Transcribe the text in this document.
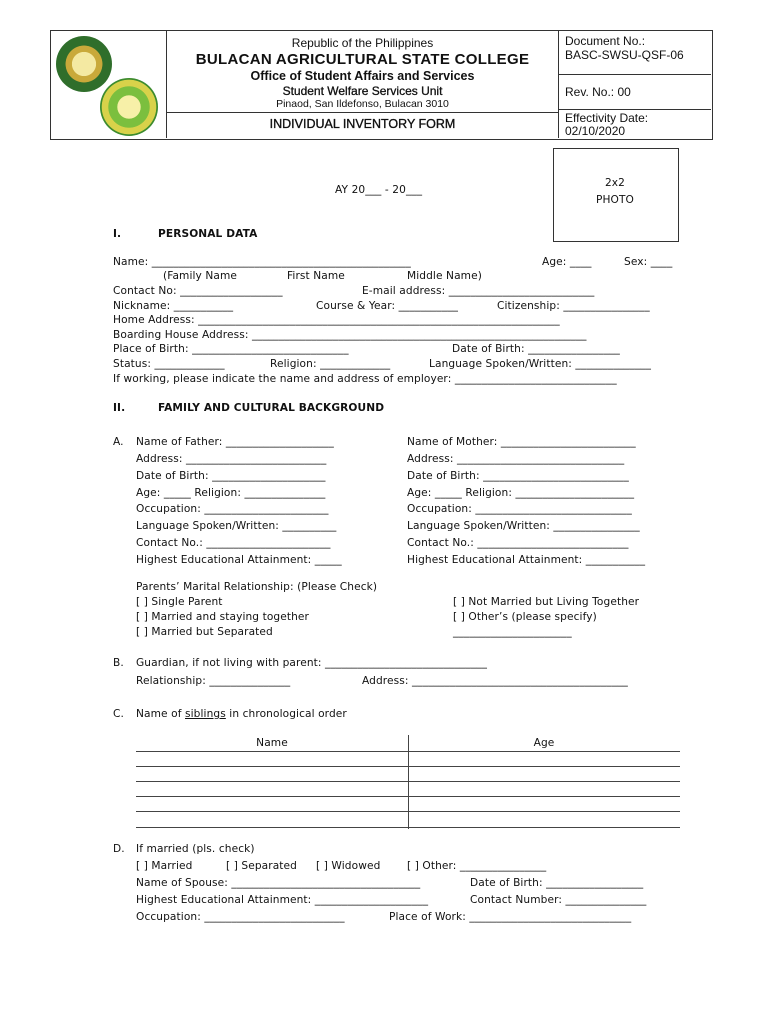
Republic of the Philippines
BULACAN AGRICULTURAL STATE COLLEGE
Office of Student Affairs and Services
Student Welfare Services Unit
Pinaod, San Ildefonso, Bulacan 3010
INDIVIDUAL INVENTORY FORM
Document No.:
BASC-SWSU-QSF-06
Rev. No.: 00
Effectivity Date:
02/10/2020
2x2
PHOTO
AY 20___ - 20___
I.	PERSONAL DATA
Name: ________________________________________________	Age: ____	Sex: ____
(Family Name	First Name	Middle Name)
Contact No: ___________________	E-mail address: ___________________________
Nickname: ___________	Course & Year: ___________	Citizenship: ________________
Home Address: ___________________________________________________________________
Boarding House Address: ______________________________________________________________
Place of Birth: _____________________________	Date of Birth: _________________
Status: _____________	Religion: _____________	Language Spoken/Written: ______________
If working, please indicate the name and address of employer: ______________________________
II.	FAMILY AND CULTURAL BACKGROUND
A. Name of Father: ____________________
Address: __________________________
Date of Birth: _____________________
Age: _____ Religion: _______________
Occupation: _______________________
Language Spoken/Written: __________
Contact No.: _______________________
Highest Educational Attainment: _____
Name of Mother: _________________________
Address: _______________________________
Date of Birth: ___________________________
Age: _____ Religion: ______________________
Occupation: _____________________________
Language Spoken/Written: ________________
Contact No.: ____________________________
Highest Educational Attainment: ___________
Parents’ Marital Relationship: (Please Check)
[ ] Single Parent
[ ] Married and staying together
[ ] Married but Separated
[ ] Not Married but Living Together
[ ] Other’s (please specify)
______________________
B. Guardian, if not living with parent: ______________________________
Relationship: _______________	Address: ________________________________________
C. Name of siblings in chronological order
Name	Age
D. If married (pls. check)
[ ] Married	[ ] Separated [ ] Widowed	[ ] Other: ________________
Name of Spouse: ___________________________________	Date of Birth: __________________
Highest Educational Attainment: _____________________	Contact Number: _______________
Occupation: __________________________	Place of Work: ______________________________
